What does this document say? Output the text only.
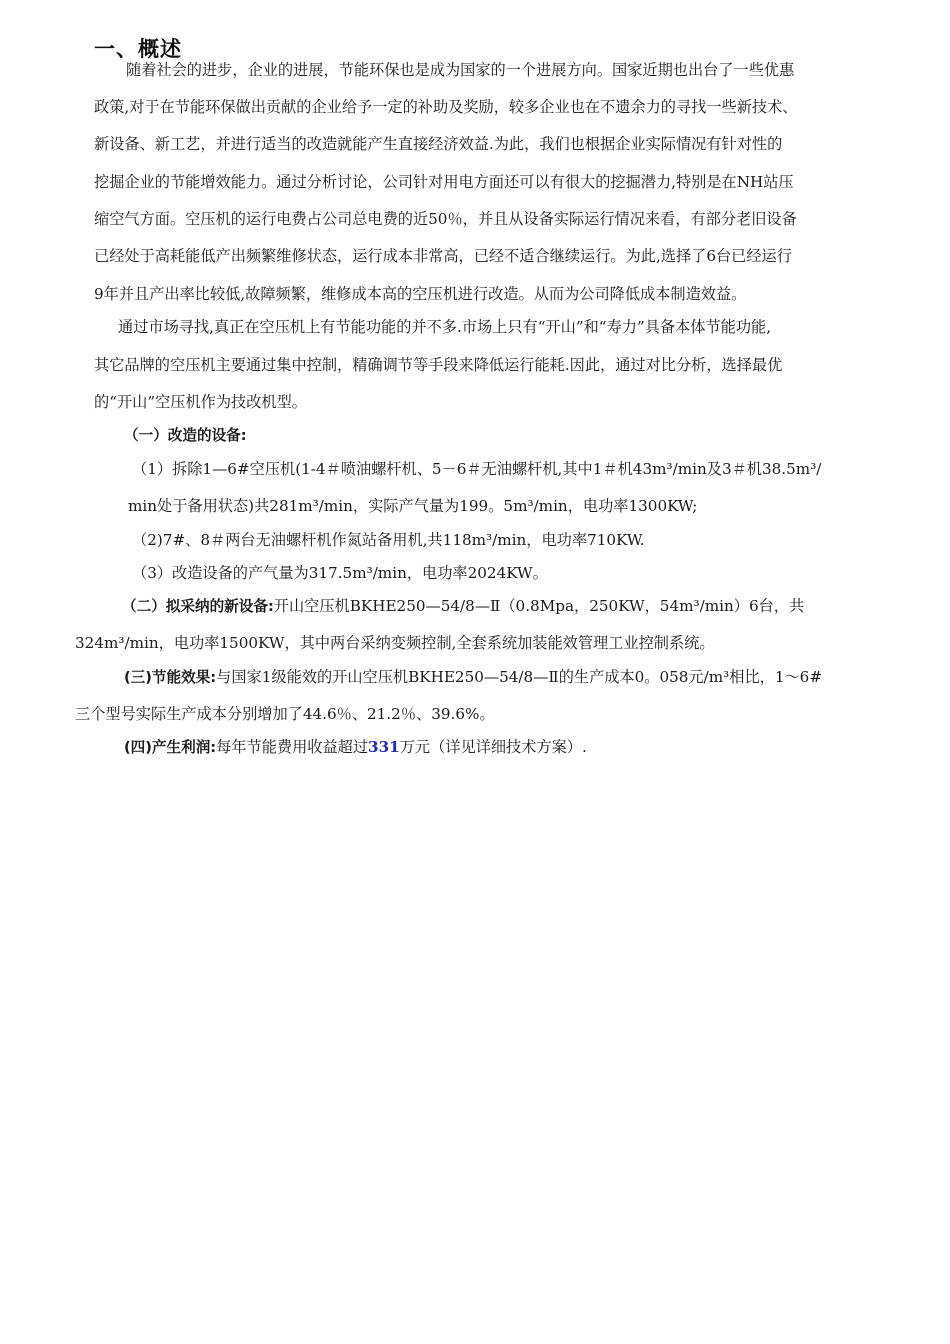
一、概述
随着社会的进步，企业的进展，节能环保也是成为国家的一个进展方向。国家近期也出台了一些优惠
政策,对于在节能环保做出贡献的企业给予一定的补助及奖励，较多企业也在不遗余力的寻找一些新技术、
新设备、新工艺，并进行适当的改造就能产生直接经济效益.为此，我们也根据企业实际情况有针对性的
挖掘企业的节能增效能力。通过分析讨论，公司针对用电方面还可以有很大的挖掘潜力,特别是在NH站压
缩空气方面。空压机的运行电费占公司总电费的近50％，并且从设备实际运行情况来看，有部分老旧设备
已经处于高耗能低产出频繁维修状态，运行成本非常高，已经不适合继续运行。为此,选择了6台已经运行
9年并且产出率比较低,故障频繁，维修成本高的空压机进行改造。从而为公司降低成本制造效益。
通过市场寻找,真正在空压机上有节能功能的并不多.市场上只有“开山”和“寿力”具备本体节能功能,
其它品牌的空压机主要通过集中控制，精确调节等手段来降低运行能耗.因此，通过对比分析，选择最优
的“开山”空压机作为技改机型。
（一）改造的设备:
（1）拆除1—6#空压机(1-4＃喷油螺杆机、5－6＃无油螺杆机,其中1＃机43m³/min及3＃机38.5m³/
min处于备用状态)共281m³/min，实际产气量为199。5m³/min，电功率1300KW;
（2)7#、8＃两台无油螺杆机作氮站备用机,共118m³/min，电功率710KW.
（3）改造设备的产气量为317.5m³/min，电功率2024KW。
（二）拟采纳的新设备:开山空压机BKHE250—54/8—Ⅱ（0.8Mpa，250KW，54m³/min）6台，共
324m³/min，电功率1500KW，其中两台采纳变频控制,全套系统加装能效管理工业控制系统。
(三)节能效果:与国家1级能效的开山空压机BKHE250—54/8—Ⅱ的生产成本0。058元/m³相比，1～6#
三个型号实际生产成本分别增加了44.6％、21.2％、39.6%。
(四)产生利润:每年节能费用收益超过331万元（详见详细技术方案）.
